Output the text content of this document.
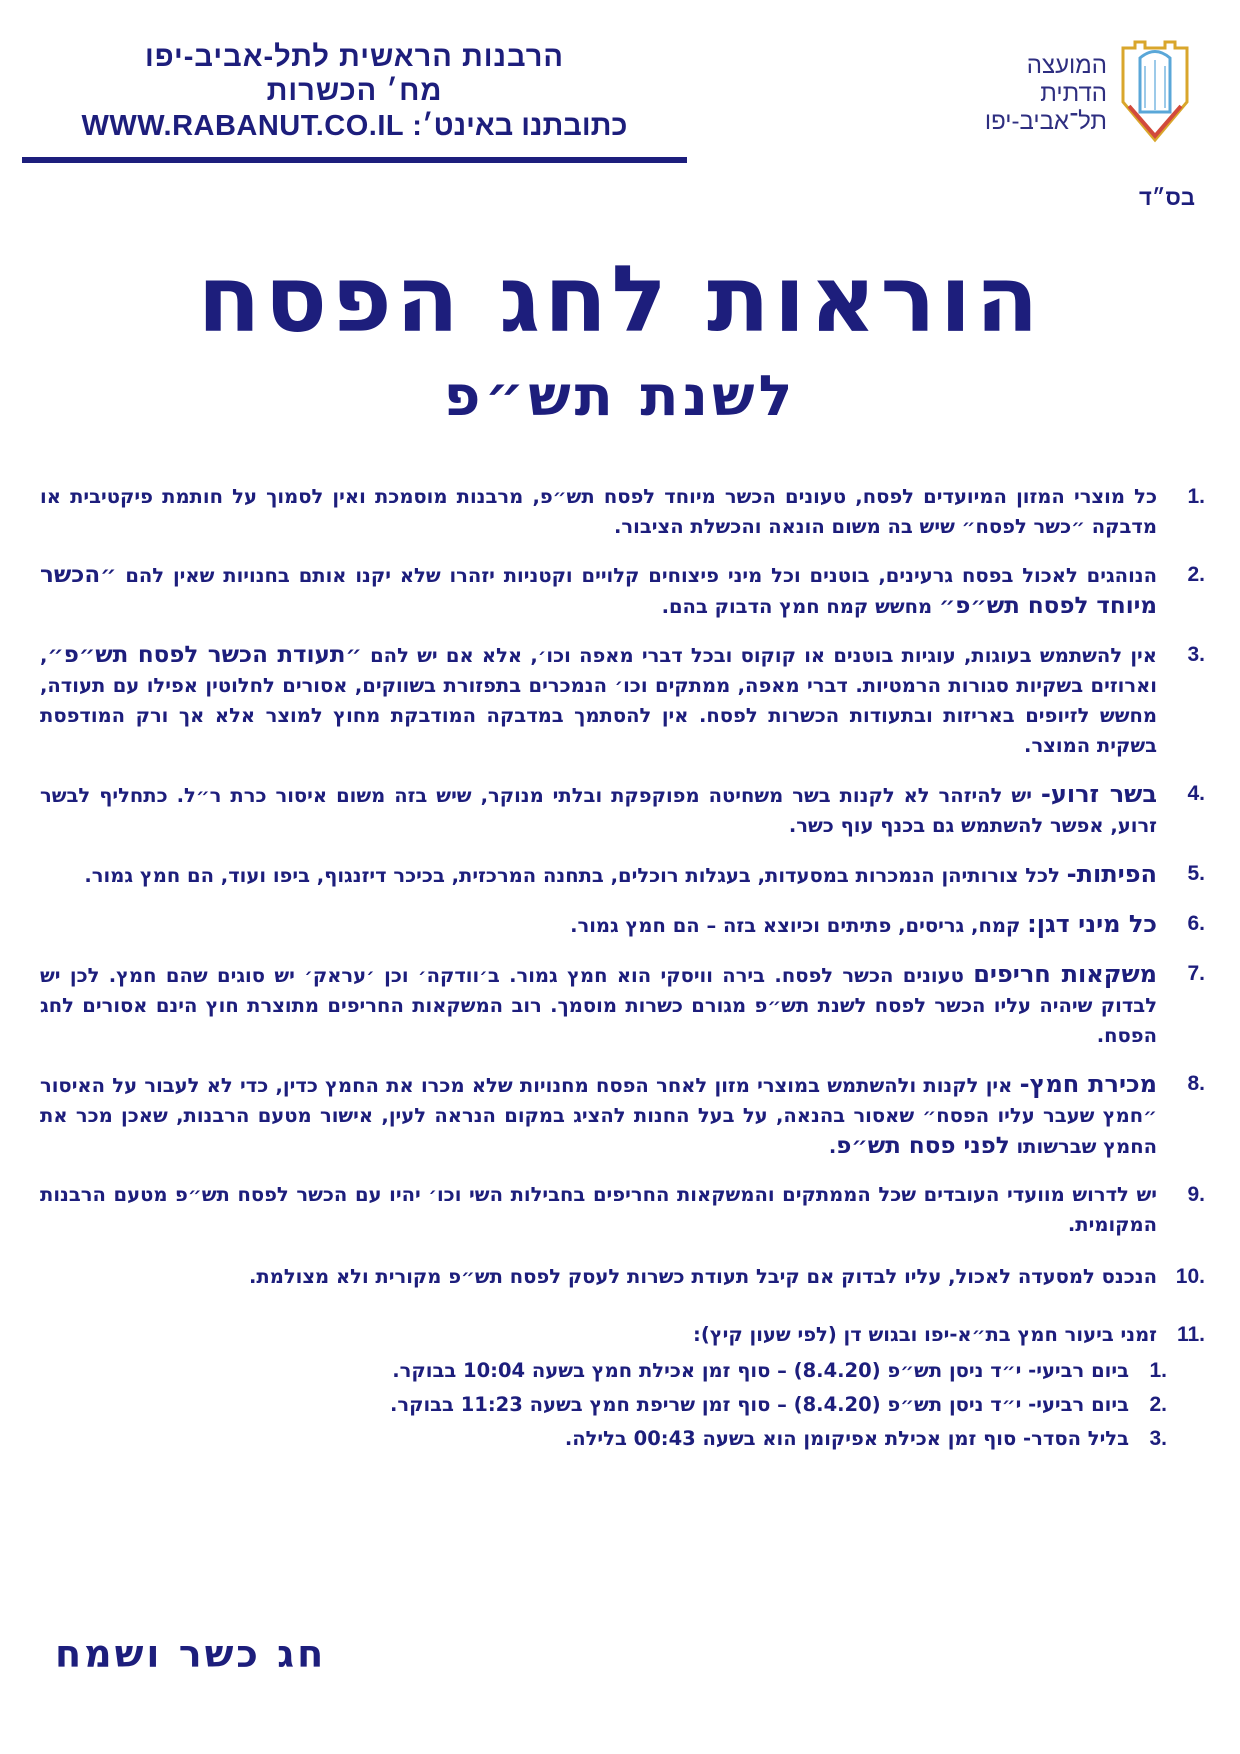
המועצה
הדתית
תל־אביב-יפו
בס״ד
הרבנות הראשית לתל-אביב-יפו
מח׳ הכשרות
כתובתנו באינט׳: WWW.RABANUT.CO.IL
הוראות לחג הפסח
לשנת תש״פ
1.
כל מוצרי המזון המיועדים לפסח, טעונים הכשר מיוחד לפסח תש״פ, מרבנות מוסמכת ואין לסמוך על חותמת פיקטיבית או מדבקה ״כשר לפסח״ שיש בה משום הונאה והכשלת הציבור.
2.
הנוהגים לאכול בפסח גרעינים, בוטנים וכל מיני פיצוחים קלויים וקטניות יזהרו שלא יקנו אותם בחנויות שאין להם ״הכשר מיוחד לפסח תש״פ״ מחשש קמח חמץ הדבוק בהם.
3.
אין להשתמש בעוגות, עוגיות בוטנים או קוקוס ובכל דברי מאפה וכו׳, אלא אם יש להם ״תעודת הכשר לפסח תש״פ״, וארוזים בשקיות סגורות הרמטיות. דברי מאפה, ממתקים וכו׳ הנמכרים בתפזורת בשווקים, אסורים לחלוטין אפילו עם תעודה, מחשש לזיופים באריזות ובתעודות הכשרות לפסח. אין להסתמך במדבקה המודבקת מחוץ למוצר אלא אך ורק המודפסת בשקית המוצר.
4.
בשר זרוע- יש להיזהר לא לקנות בשר משחיטה מפוקפקת ובלתי מנוקר, שיש בזה משום איסור כרת ר״ל. כתחליף לבשר זרוע, אפשר להשתמש גם בכנף עוף כשר.
5.
הפיתות- לכל צורותיהן הנמכרות במסעדות, בעגלות רוכלים, בתחנה המרכזית, בכיכר דיזנגוף, ביפו ועוד, הם חמץ גמור.
6.
כל מיני דגן: קמח, גריסים, פתיתים וכיוצא בזה – הם חמץ גמור.
7.
משקאות חריפים טעונים הכשר לפסח. בירה וויסקי הוא חמץ גמור. ב׳וודקה׳ וכן ׳עראק׳ יש סוגים שהם חמץ. לכן יש לבדוק שיהיה עליו הכשר לפסח לשנת תש״פ מגורם כשרות מוסמך. רוב המשקאות החריפים מתוצרת חוץ הינם אסורים לחג הפסח.
8.
מכירת חמץ- אין לקנות ולהשתמש במוצרי מזון לאחר הפסח מחנויות שלא מכרו את החמץ כדין, כדי לא לעבור על האיסור ״חמץ שעבר עליו הפסח״ שאסור בהנאה, על בעל החנות להציג במקום הנראה לעין, אישור מטעם הרבנות, שאכן מכר את החמץ שברשותו לפני פסח תש״פ.
9.
יש לדרוש מוועדי העובדים שכל הממתקים והמשקאות החריפים בחבילות השי וכו׳ יהיו עם הכשר לפסח תש״פ מטעם הרבנות המקומית.
10.
הנכנס למסעדה לאכול, עליו לבדוק אם קיבל תעודת כשרות לעסק לפסח תש״פ מקורית ולא מצולמת.
11.
זמני ביעור חמץ בת״א-יפו ובגוש דן (לפי שעון קיץ):
1.
ביום רביעי- י״ד ניסן תש״פ (8.4.20) – סוף זמן אכילת חמץ בשעה 10:04 בבוקר.
2.
ביום רביעי- י״ד ניסן תש״פ (8.4.20) – סוף זמן שריפת חמץ בשעה 11:23 בבוקר.
3.
בליל הסדר- סוף זמן אכילת אפיקומן הוא בשעה 00:43 בלילה.
חג כשר ושמח
